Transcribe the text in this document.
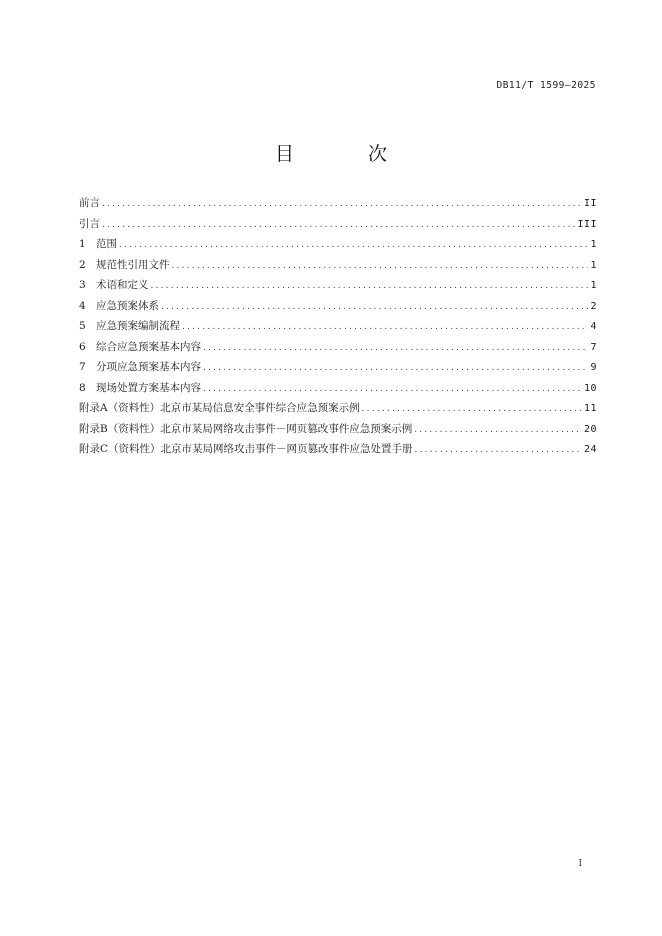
DB11/T 1599—2025
目 次
前言 .....	II
引言 .....	III
1 范围 .....	1
2 规范性引用文件 .....	1
3 术语和定义 .....	1
4 应急预案体系 .....	2
5 应急预案编制流程 .....	4
6 综合应急预案基本内容 .....	7
7 分项应急预案基本内容 .....	9
8 现场处置方案基本内容 .....	10
附录A（资料性）北京市某局信息安全事件综合应急预案示例 .....	11
附录B（资料性）北京市某局网络攻击事件－网页篡改事件应急预案示例 .....	20
附录C（资料性）北京市某局网络攻击事件－网页篡改事件应急处置手册 .....	24
I
